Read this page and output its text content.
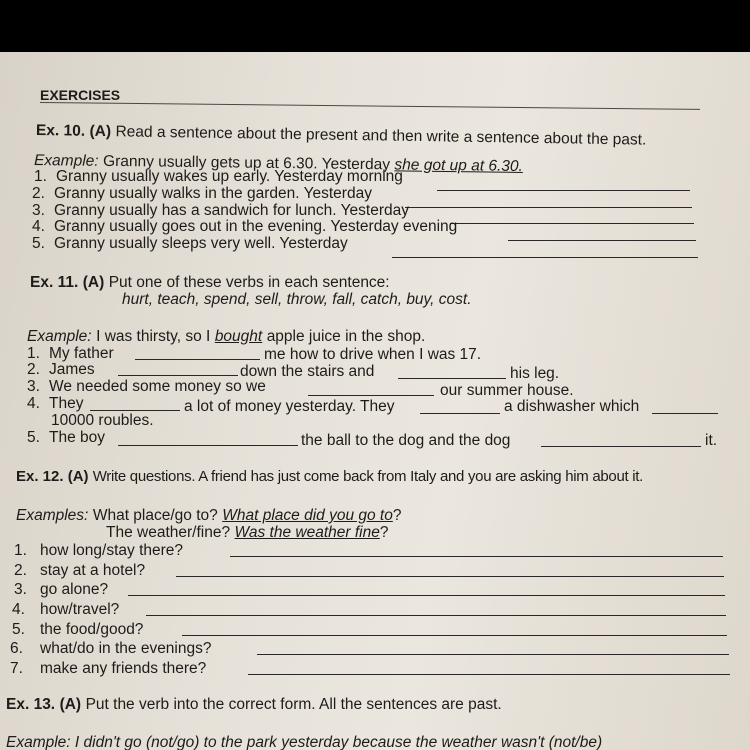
EXERCISES
Ex. 10. (A) Read a sentence about the present and then write a sentence about the past.
Example: Granny usually gets up at 6.30. Yesterday she got up at 6.30.
1. Granny usually wakes up early. Yesterday morning
2. Granny usually walks in the garden. Yesterday
3. Granny usually has a sandwich for lunch. Yesterday
4. Granny usually goes out in the evening. Yesterday evening
5. Granny usually sleeps very well. Yesterday
Ex. 11. (A) Put one of these verbs in each sentence:
hurt, teach, spend, sell, throw, fall, catch, buy, cost.
Example: I was thirsty, so I bought apple juice in the shop.
1. My father	me how to drive when I was 17.
2. James	down the stairs and	his leg.
3. We needed some money so we	our summer house.
4. They	a lot of money yesterday. They	a dishwasher which
10000 roubles.
5. The boy	the ball to the dog and the dog	it.
Ex. 12. (A) Write questions. A friend has just come back from Italy and you are asking him about it.
Examples: What place/go to? What place did you go to?
The weather/fine? Was the weather fine?
1. how long/stay there?
2. stay at a hotel?
3. go alone?
4. how/travel?
5. the food/good?
6. what/do in the evenings?
7. make any friends there?
Ex. 13. (A) Put the verb into the correct form. All the sentences are past.
Example: I didn't go (not/go) to the park yesterday because the weather wasn't (not/be)
